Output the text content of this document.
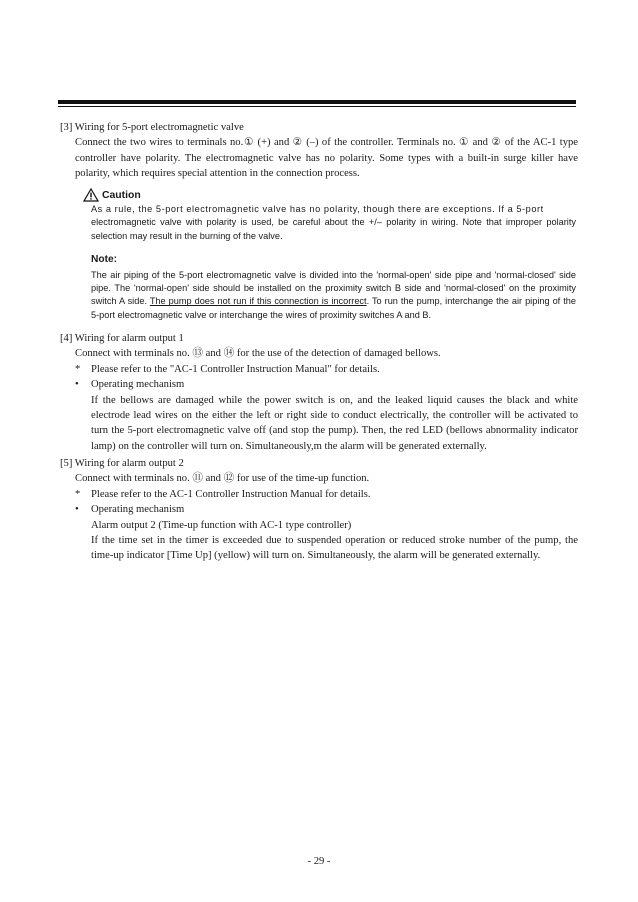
[3] Wiring for 5-port electromagnetic valve

Connect the two wires to terminals no.① (+) and ② (–) of the controller. Terminals no. ① and ② of the AC-1 type controller have polarity. The electromagnetic valve has no polarity. Some types with a built-in surge killer have polarity, which requires special attention in the connection process.
Caution
As a rule, the 5-port electromagnetic valve has no polarity, though there are exceptions. If a 5-port
electromagnetic valve with polarity is used, be careful about the +/– polarity in wiring. Note that improper polarity selection may result in the burning of the valve.
Note:
The air piping of the 5-port electromagnetic valve is divided into the 'normal-open' side pipe and 'normal-closed' side pipe. The 'normal-open' side should be installed on the proximity switch B side and 'normal-closed' on the proximity switch A side. The pump does not run if this connection is incorrect. To run the pump, interchange the air piping of the 5-port electromagnetic valve or interchange the wires of proximity switches A and B.

[4] Wiring for alarm output 1

Connect with terminals no. ⑬ and ⑭ for the use of the detection of damaged bellows.
*	Please refer to the "AC-1 Controller Instruction Manual" for details.
•	Operating mechanism
If the bellows are damaged while the power switch is on, and the leaked liquid causes the black and white electrode lead wires on the either the left or right side to conduct electrically, the controller will be activated to turn the 5-port electromagnetic valve off (and stop the pump). Then, the red LED (bellows abnormality indicator lamp) on the controller will turn on. Simultaneously,m the alarm will be generated externally.

[5] Wiring for alarm output 2

Connect with terminals no. ⑪ and ⑫ for use of the time-up function.
*	Please refer to the AC-1 Controller Instruction Manual for details.
•	Operating mechanism
Alarm output 2 (Time-up function with AC-1 type controller)
If the time set in the timer is exceeded due to suspended operation or reduced stroke number of the pump, the time-up indicator [Time Up] (yellow) will turn on. Simultaneously, the alarm will be generated externally.
- 29 -
